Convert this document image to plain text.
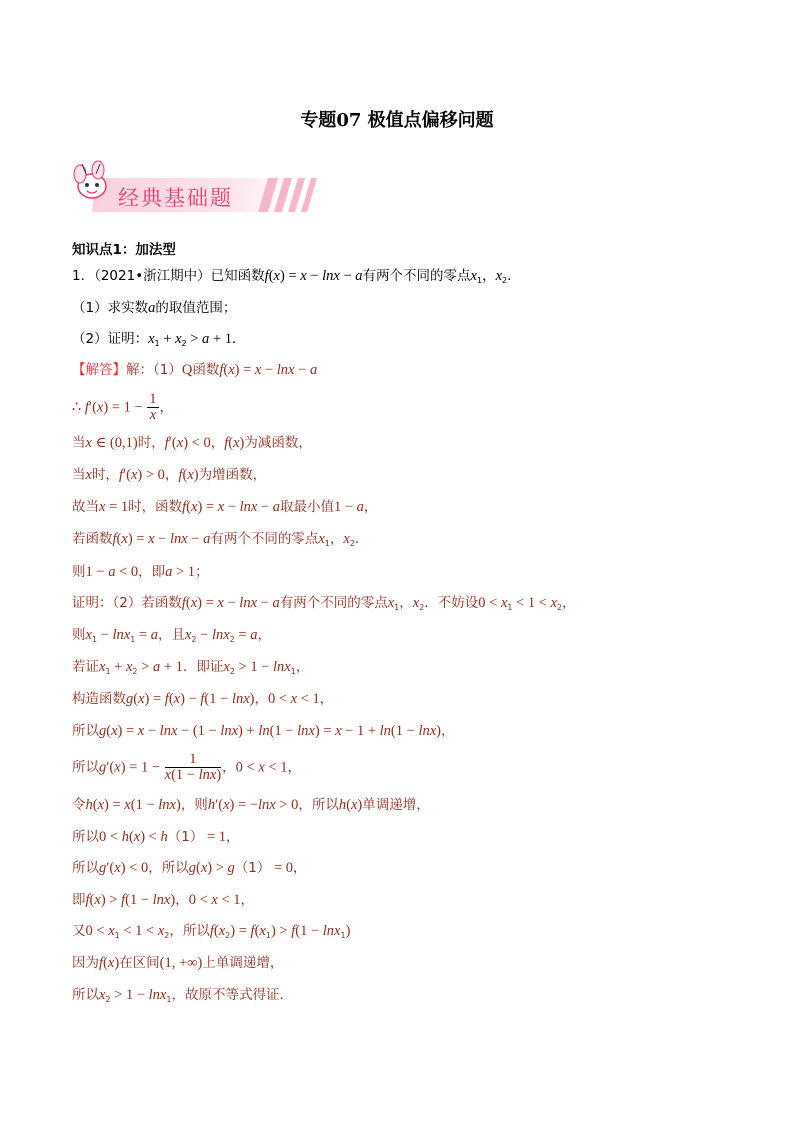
专题07 极值点偏移问题
经典基础题
知识点1：加法型
1．（2021•浙江期中）已知函数f(x) = x − lnx − a有两个不同的零点$x_1$，$x_2$．
（1）求实数a的取值范围；
（2）证明：$x_1 + x_2 > a + 1$．
【解答】解：（1）Q函数f(x) = x − lnx − a
∴ $f'(x) = 1 - \frac{1}{x}$ ，
当x ∈ (0,1)时，f′(x) < 0，f(x)为减函数，
当x时，f′(x) > 0，f(x)为增函数，
故当x = 1时，函数f(x) = x − lnx − a取最小值1 − a，
若函数f(x) = x − lnx − a有两个不同的零点$x_1$，$x_2$．
则1 − a < 0，即a > 1；
证明：（2）若函数f(x) = x − lnx − a有两个不同的零点$x_1$，$x_2$．不妨设$0 < x_1 < 1 < x_2$，
则$x_1 - \ln x_1 = a$，且$x_2 - \ln x_2 = a$，
若证$x_1 + x_2 > a + 1$．即证$x_2 > 1 - \ln x_1$，
构造函数g(x) = f(x) − f(1 − lnx)，0 < x < 1，
所以g(x) = x − lnx − (1 − lnx) + ln(1 − lnx) = x − 1 + ln(1 − lnx)，
所以$g'(x) = 1 - \frac{1}{x(1 - \ln x)}$ ，0 < x < 1，
令h(x) = x(1 − lnx)，则h′(x) = −lnx > 0，所以h(x)单调递增，
所以0 < h(x) < h（1） = 1，
所以g′(x) < 0，所以g(x) > g（1） = 0，
即f(x) > f(1 − lnx)，0 < x < 1，
又$0 < x_1 < 1 < x_2$，所以$f(x_2) = f(x_1) > f(1 - \ln x_1)$
因为f(x)在区间(1, +∞)上单调递增，
所以$x_2 > 1 - \ln x_1$，故原不等式得证．
